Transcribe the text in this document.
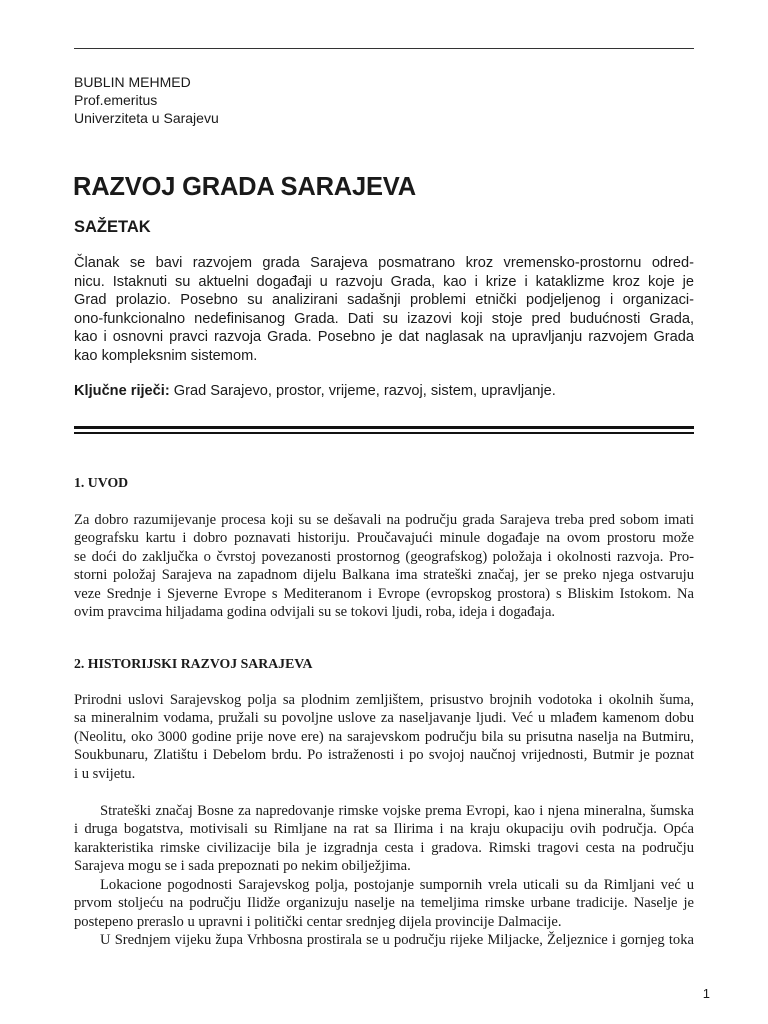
BUBLIN MEHMED
Prof.emeritus
Univerziteta u Sarajevu
RAZVOJ GRADA SARAJEVA
SAŽETAK
Članak se bavi razvojem grada Sarajeva posmatrano kroz vremensko-prostornu odred-
nicu. Istaknuti su aktuelni događaji u razvoju Grada, kao i krize i kataklizme kroz koje je
Grad prolazio. Posebno su analizirani sadašnji problemi etnički podjeljenog i organizaci-
ono-funkcionalno nedefinisanog Grada. Dati su izazovi koji stoje pred budućnosti Grada,
kao i osnovni pravci razvoja Grada. Posebno je dat naglasak na upravljanju razvojem Grada
kao kompleksnim sistemom.
Ključne riječi: Grad Sarajevo, prostor, vrijeme, razvoj, sistem, upravljanje.
1. UVOD
Za dobro razumijevanje procesa koji su se dešavali na području grada Sarajeva treba pred sobom imati
geografsku kartu i dobro poznavati historiju. Proučavajući minule događaje na ovom prostoru može
se doći do zaključka o čvrstoj povezanosti prostornog (geografskog) položaja i okolnosti razvoja. Pro-
storni položaj Sarajeva na zapadnom dijelu Balkana ima strateški značaj, jer se preko njega ostvaruju
veze Srednje i Sjeverne Evrope s Mediteranom i Evrope (evropskog prostora) s Bliskim Istokom. Na
ovim pravcima hiljadama godina odvijali su se tokovi ljudi, roba, ideja i događaja.
2. HISTORIJSKI RAZVOJ SARAJEVA
Prirodni uslovi Sarajevskog polja sa plodnim zemljištem, prisustvo brojnih vodotoka i okolnih šuma,
sa mineralnim vodama, pružali su povoljne uslove za naseljavanje ljudi. Već u mlađem kamenom dobu
(Neolitu, oko 3000 godine prije nove ere) na sarajevskom području bila su prisutna naselja na Butmiru,
Soukbunaru, Zlatištu i Debelom brdu. Po istraženosti i po svojoj naučnoj vrijednosti, Butmir je poznat
i u svijetu.
Strateški značaj Bosne za napredovanje rimske vojske prema Evropi, kao i njena mineralna, šumska
i druga bogatstva, motivisali su Rimljane na rat sa Ilirima i na kraju okupaciju ovih područja. Opća
karakteristika rimske civilizacije bila je izgradnja cesta i gradova. Rimski tragovi cesta na području
Sarajeva mogu se i sada prepoznati po nekim obilježjima.
Lokacione pogodnosti Sarajevskog polja, postojanje sumpornih vrela uticali su da Rimljani već u
prvom stoljeću na području Ilidže organizuju naselje na temeljima rimske urbane tradicije. Naselje je
postepeno preraslo u upravni i politički centar srednjeg dijela provincije Dalmacije.
U Srednjem vijeku župa Vrhbosna prostirala se u području rijeke Miljacke, Željeznice i gornjeg toka
1
